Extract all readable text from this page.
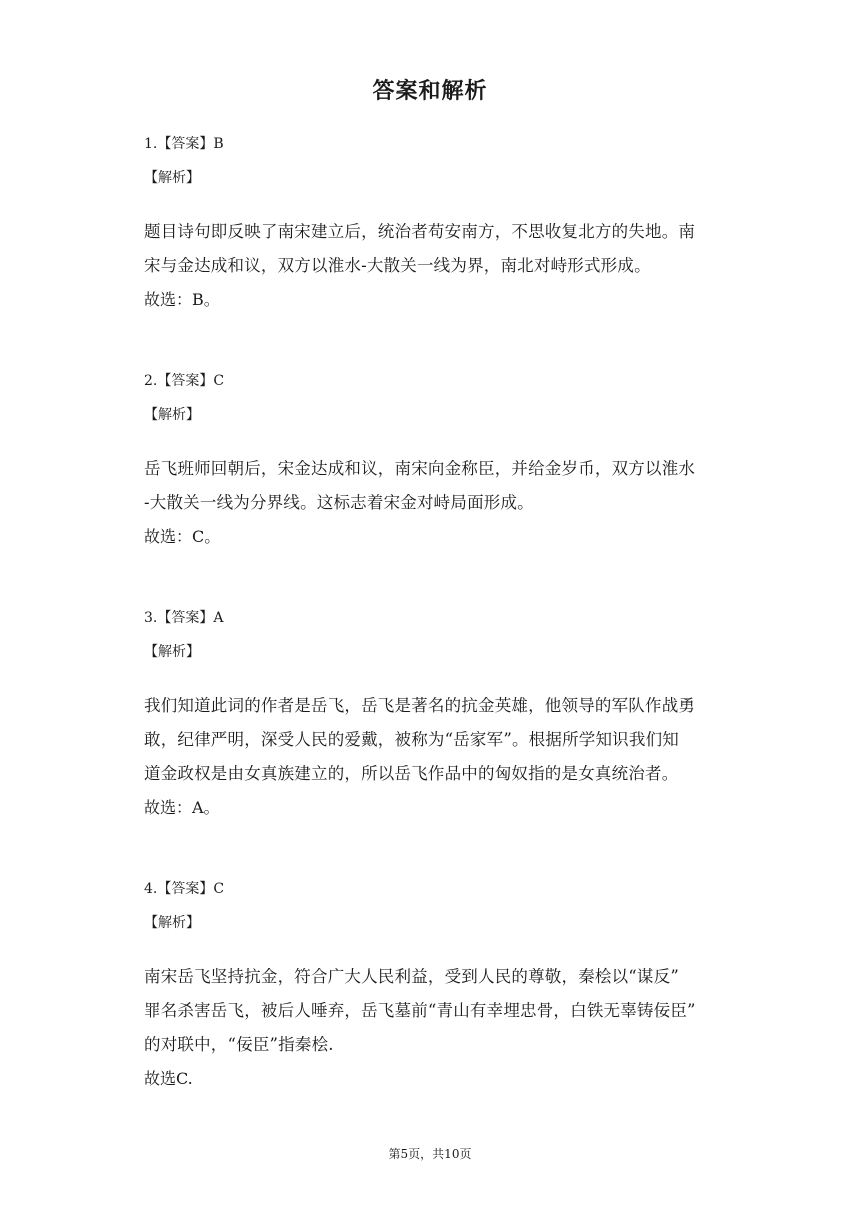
答案和解析
1.【答案】B
【解析】

题目诗句即反映了南宋建立后，统治者苟安南方，不思收复北方的失地。南

宋与金达成和议，双方以淮水-大散关一线为界，南北对峙形式形成。

故选：B。
2.【答案】C
【解析】

岳飞班师回朝后，宋金达成和议，南宋向金称臣，并给金岁币，双方以淮水

-大散关一线为分界线。这标志着宋金对峙局面形成。

故选：C。
3.【答案】A
【解析】

我们知道此词的作者是岳飞，岳飞是著名的抗金英雄，他领导的军队作战勇

敢，纪律严明，深受人民的爱戴，被称为“岳家军”。根据所学知识我们知

道金政权是由女真族建立的，所以岳飞作品中的匈奴指的是女真统治者。

故选：A。
4.【答案】C
【解析】

南宋岳飞坚持抗金，符合广大人民利益，受到人民的尊敬，秦桧以“谋反”

罪名杀害岳飞，被后人唾弃，岳飞墓前“青山有幸埋忠骨，白铁无辜铸佞臣”

的对联中，“佞臣”指秦桧.

故选C.
第5页，共10页
